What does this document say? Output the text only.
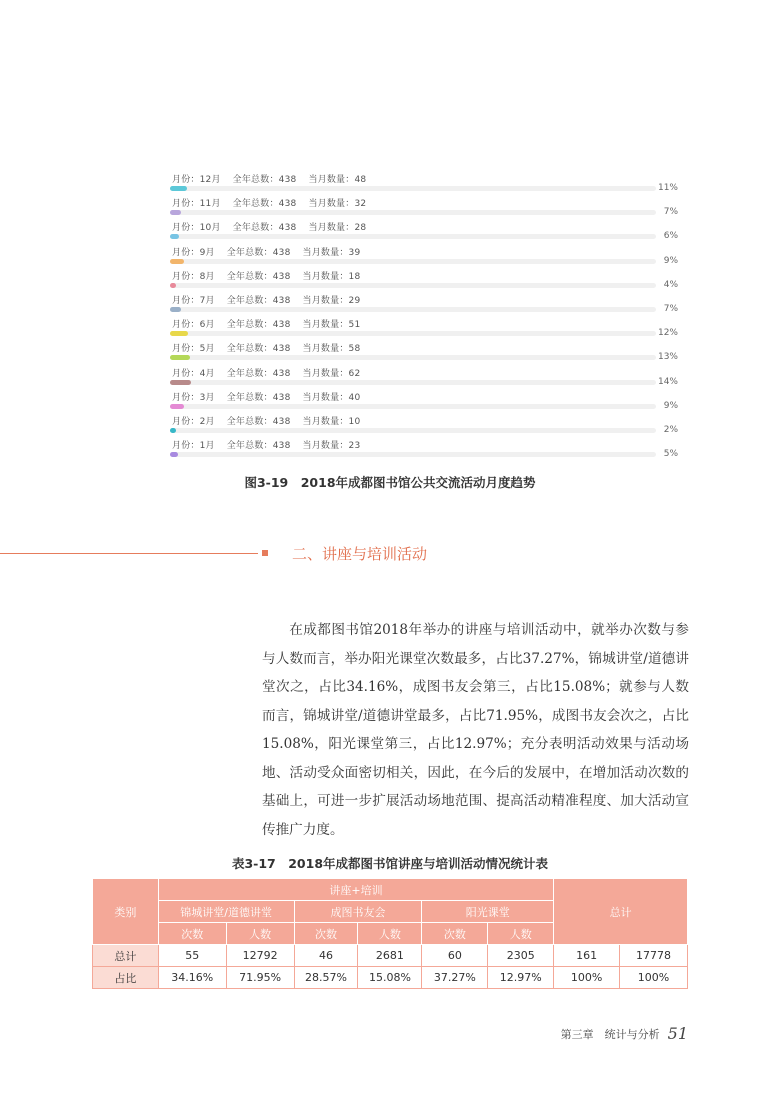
月份：12月 全年总数：438 当月数量：48
11%
月份：11月 全年总数：438 当月数量：32
7%
月份：10月 全年总数：438 当月数量：28
6%
月份：9月 全年总数：438 当月数量：39
9%
月份：8月 全年总数：438 当月数量：18
4%
月份：7月 全年总数：438 当月数量：29
7%
月份：6月 全年总数：438 当月数量：51
12%
月份：5月 全年总数：438 当月数量：58
13%
月份：4月 全年总数：438 当月数量：62
14%
月份：3月 全年总数：438 当月数量：40
9%
月份：2月 全年总数：438 当月数量：10
2%
月份：1月 全年总数：438 当月数量：23
5%
图3-19　2018年成都图书馆公共交流活动月度趋势
二、讲座与培训活动

在成都图书馆2018年举办的讲座与培训活动中，就举办次数与参与人数而言，举办阳光课堂次数最多，占比37.27%，锦城讲堂/道德讲堂次之，占比34.16%，成图书友会第三，占比15.08%；就参与人数而言，锦城讲堂/道德讲堂最多，占比71.95%，成图书友会次之，占比15.08%，阳光课堂第三，占比12.97%；充分表明活动效果与活动场地、活动受众面密切相关，因此，在今后的发展中，在增加活动次数的基础上，可进一步扩展活动场地范围、提高活动精准程度、加大活动宣传推广力度。

表3-17　2018年成都图书馆讲座与培训活动情况统计表
类别	讲座+培训						总计	
	锦城讲堂/道德讲堂		成图书友会		阳光课堂			
	次数	人数	次数	人数	次数	人数		
总计	55	12792	46	2681	60	2305	161	17778
占比	34.16%	71.95%	28.57%	15.08%	37.27%	12.97%	100%	100%
第三章　统计与分析 51
